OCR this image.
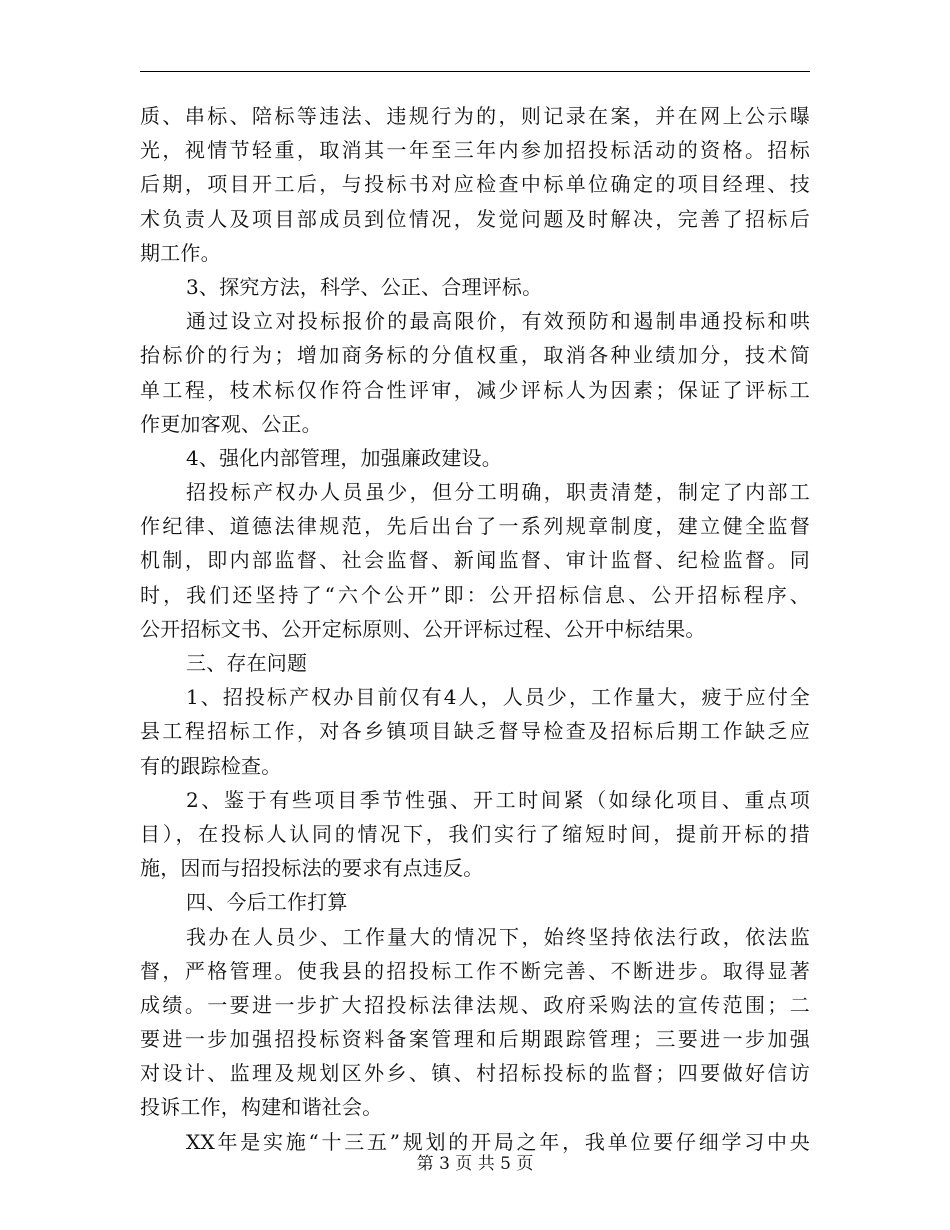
质、串标、陪标等违法、违规行为的，则记录在案，并在网上公示曝
光，视情节轻重，取消其一年至三年内参加招投标活动的资格。招标
后期，项目开工后，与投标书对应检查中标单位确定的项目经理、技
术负责人及项目部成员到位情况，发觉问题及时解决，完善了招标后
期工作。
3、探究方法，科学、公正、合理评标。
通过设立对投标报价的最高限价，有效预防和遏制串通投标和哄
抬标价的行为；增加商务标的分值权重，取消各种业绩加分，技术简
单工程，枝术标仅作符合性评审，减少评标人为因素；保证了评标工
作更加客观、公正。
4、强化内部管理，加强廉政建设。
招投标产权办人员虽少，但分工明确，职责清楚，制定了内部工
作纪律、道德法律规范，先后出台了一系列规章制度，建立健全监督
机制，即内部监督、社会监督、新闻监督、审计监督、纪检监督。同
时，我们还坚持了“六个公开”即：公开招标信息、公开招标程序、
公开招标文书、公开定标原则、公开评标过程、公开中标结果。
三、存在问题
1、招投标产权办目前仅有4人，人员少，工作量大，疲于应付全
县工程招标工作，对各乡镇项目缺乏督导检查及招标后期工作缺乏应
有的跟踪检查。
2、鉴于有些项目季节性强、开工时间紧（如绿化项目、重点项
目），在投标人认同的情况下，我们实行了缩短时间，提前开标的措
施，因而与招投标法的要求有点违反。
四、今后工作打算
我办在人员少、工作量大的情况下，始终坚持依法行政，依法监
督，严格管理。使我县的招投标工作不断完善、不断进步。取得显著
成绩。一要进一步扩大招投标法律法规、政府采购法的宣传范围；二
要进一步加强招投标资料备案管理和后期跟踪管理；三要进一步加强
对设计、监理及规划区外乡、镇、村招标投标的监督；四要做好信访
投诉工作，构建和谐社会。
XX年是实施“十三五”规划的开局之年，我单位要仔细学习中央
第 3 页 共 5 页
